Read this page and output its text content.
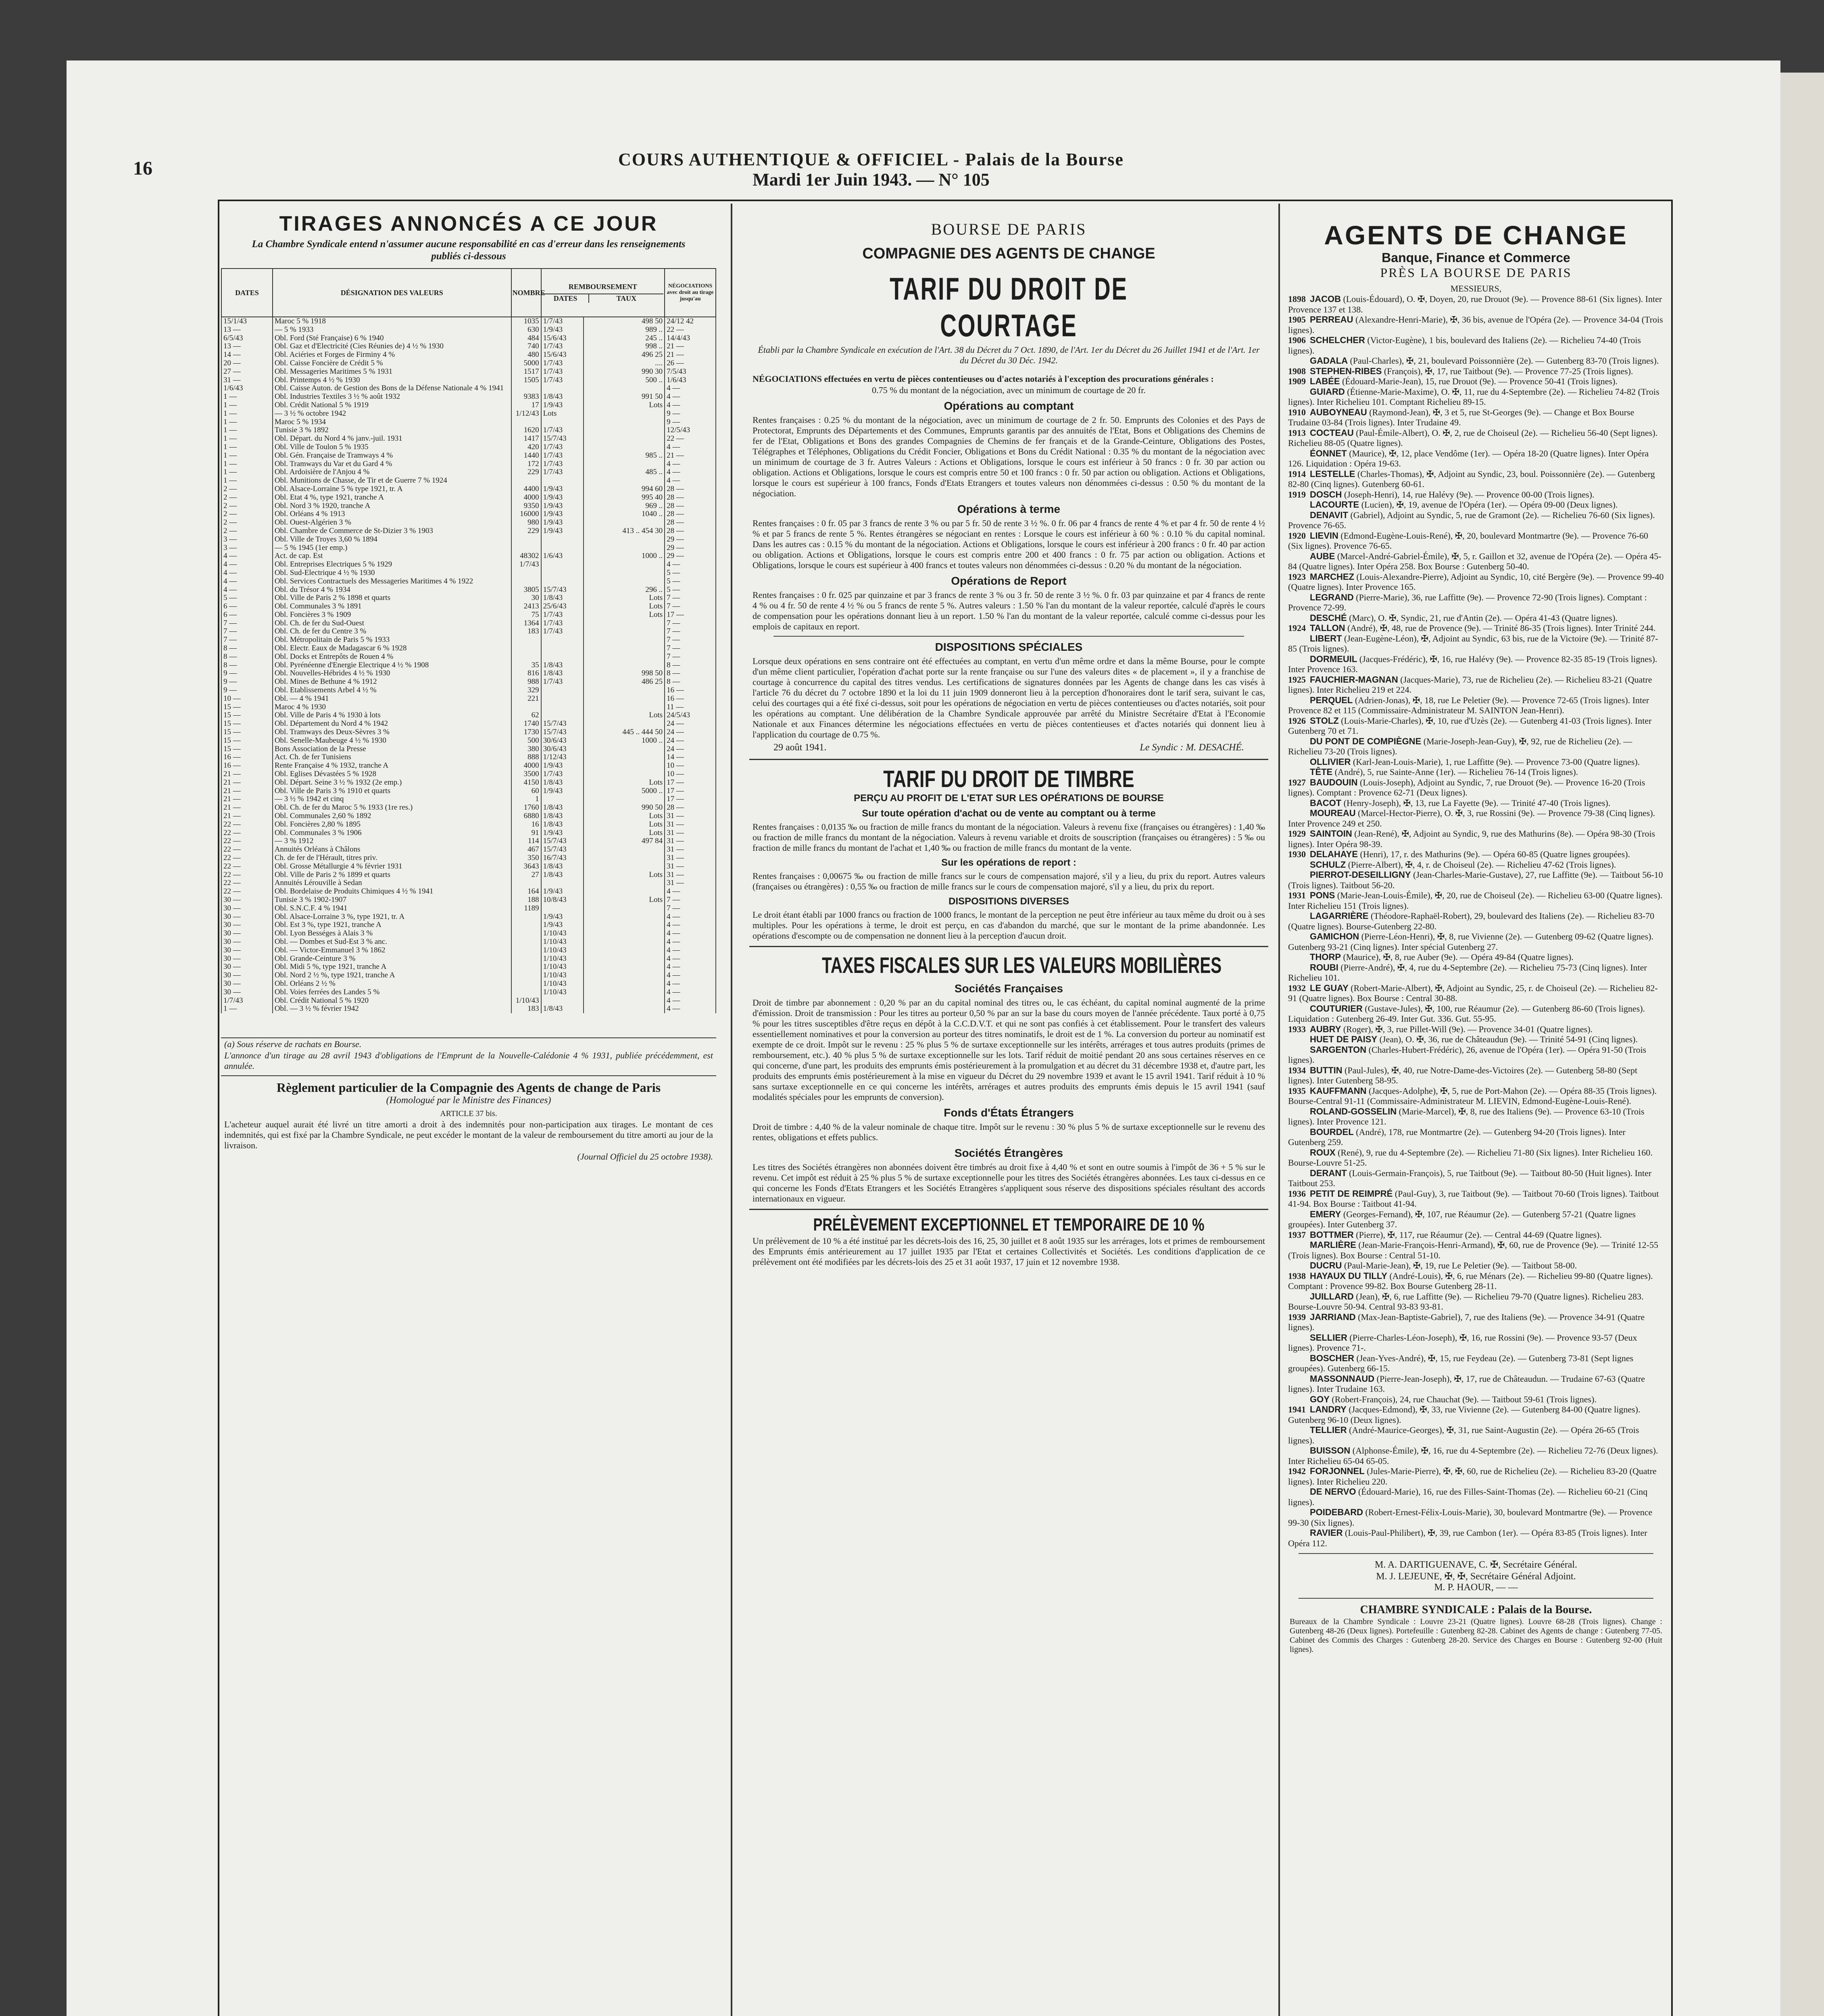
16	COURS AUTHENTIQUE & OFFICIEL - Palais de la Bourse
Mardi 1er Juin 1943. — N° 105
TIRAGES ANNONCÉS A CE JOUR
La Chambre Syndicale entend n'assumer aucune responsabilité en cas d'erreur dans les renseignements publiés ci-dessous
DATES	DÉSIGNATION DES VALEURS	NOMBRE	REMBOURSEMENT
DATES TAUX		NÉGOCIATIONS avec droit au tirage jusqu'au
15/1/43	Maroc 5 % 1918	1035	1/7/43	498 50	24/12 42
13 —	— 5 % 1933	630	1/9/43	989 ..	22 —
6/5/43	Obl. Ford (Sté Française) 6 % 1940	484	15/6/43	245 ..	14/4/43
13 —	Obl. Gaz et d'Electricité (Cies Réunies de) 4 ½ % 1930	740	1/7/43	998 ..	21 —
14 —	Obl. Aciéries et Forges de Firminy 4 %	480	15/6/43	496 25	21 —
20 —	Obl. Caisse Foncière de Crédit 5 %	5000	1/7/43	....	26 —
27 —	Obl. Messageries Maritimes 5 % 1931	1517	1/7/43	990 30	7/5/43
31 —	Obl. Printemps 4 ½ % 1930	1505	1/7/43	500 ..	1/6/43
1/6/43	Obl. Caisse Auton. de Gestion des Bons de la Défense Nationale 4 % 1941				4 —
1 —	Obl. Industries Textiles 3 ½ % août 1932	9383	1/8/43	991 50	4 —
1 —	Obl. Crédit National 5 % 1919	17	1/9/43	Lots	4 —
1 —	— 3 ½ % octobre 1942	1/12/43	Lots		9 —
1 —	Maroc 5 % 1934				9 —
1 —	Tunisie 3 % 1892	1620	1/7/43		12/5/43
1 —	Obl. Départ. du Nord 4 % janv.-juil. 1931	1417	15/7/43		22 —
1 —	Obl. Ville de Toulon 5 % 1935	420	1/7/43		4 —
1 —	Obl. Gén. Française de Tramways 4 %	1440	1/7/43	985 ..	21 —
1 —	Obl. Tramways du Var et du Gard 4 %	172	1/7/43		4 —
1 —	Obl. Ardoisière de l'Anjou 4 %	229	1/7/43	485 ..	4 —
1 —	Obl. Munitions de Chasse, de Tir et de Guerre 7 % 1924				4 —
2 —	Obl. Alsace-Lorraine 5 % type 1921, tr. A	4400	1/9/43	994 60	28 —
2 —	Obl. Etat 4 %, type 1921, tranche A	4000	1/9/43	995 40	28 —
2 —	Obl. Nord 3 % 1920, tranche A	9350	1/9/43	969 ..	28 —
2 —	Obl. Orléans 4 % 1913	16000	1/9/43	1040 ..	28 —
2 —	Obl. Ouest-Algérien 3 %	980	1/9/43		28 —
2 —	Obl. Chambre de Commerce de St-Dizier 3 % 1903	229	1/9/43	413 .. 454 30	28 —
3 —	Obl. Ville de Troyes 3,60 % 1894				29 —
3 —	— 5 % 1945 (1er emp.)				29 —
4 —	Act. de cap. Est	48302	1/6/43	1000 ..	29 —
4 —	Obl. Entreprises Electriques 5 % 1929	1/7/43			4 —
4 —	Obl. Sud-Electrique 4 ½ % 1930				5 —
4 —	Obl. Services Contractuels des Messageries Maritimes 4 % 1922				5 —
4 —	Obl. du Trésor 4 % 1934	3805	15/7/43	296 ..	5 —
5 —	Obl. Ville de Paris 2 % 1898 et quarts	30	1/8/43	Lots	7 —
6 —	Obl. Communales 3 % 1891	2413	25/6/43	Lots	7 —
6 —	Obl. Foncières 3 % 1909	75	1/7/43	Lots	17 —
7 —	Obl. Ch. de fer du Sud-Ouest	1364	1/7/43		7 —
7 —	Obl. Ch. de fer du Centre 3 %	183	1/7/43		7 —
7 —	Obl. Métropolitain de Paris 5 % 1933				7 —
8 —	Obl. Electr. Eaux de Madagascar 6 % 1928				7 —
8 —	Obl. Docks et Entrepôts de Rouen 4 %				7 —
8 —	Obl. Pyrénéenne d'Energie Electrique 4 ½ % 1908	35	1/8/43		8 —
9 —	Obl. Nouvelles-Hébrides 4 ½ % 1930	816	1/8/43	998 50	8 —
9 —	Obl. Mines de Bethune 4 % 1912	988	1/7/43	486 25	8 —
9 —	Obl. Etablissements Arbel 4 ½ %	329			16 —
10 —	Obl. — 4 % 1941	221			16 —
15 —	Maroc 4 % 1930				11 —
15 —	Obl. Ville de Paris 4 % 1930 à lots	62		Lots	24/5/43
15 —	Obl. Département du Nord 4 % 1942	1740	15/7/43		24 —
15 —	Obl. Tramways des Deux-Sèvres 3 %	1730	15/7/43	445 .. 444 50	24 —
15 —	Obl. Senelle-Maubeuge 4 ½ % 1930	500	30/6/43	1000 ..	24 —
15 —	Bons Association de la Presse	380	30/6/43		24 —
16 —	Act. Ch. de fer Tunisiens	888	1/12/43		14 —
16 —	Rente Française 4 % 1932, tranche A	4000	1/9/43		10 —
21 —	Obl. Eglises Dévastées 5 % 1928	3500	1/7/43		10 —
21 —	Obl. Départ. Seine 3 ½ % 1932 (2e emp.)	4150	1/8/43	Lots	17 —
21 —	Obl. Ville de Paris 3 % 1910 et quarts	60	1/9/43	5000 ..	17 —
21 —	— 3 ½ % 1942 et cinq	1			17 —
21 —	Obl. Ch. de fer du Maroc 5 % 1933 (1re res.)	1760	1/8/43	990 50	28 —
21 —	Obl. Communales 2,60 % 1892	6880	1/8/43	Lots	31 —
22 —	Obl. Foncières 2,80 % 1895	16	1/8/43	Lots	31 —
22 —	Obl. Communales 3 % 1906	91	1/9/43	Lots	31 —
22 —	— 3 % 1912	114	15/7/43	497 84	31 —
22 —	Annuités Orléans à Châlons	467	15/7/43		31 —
22 —	Ch. de fer de l'Hérault, titres priv.	350	16/7/43		31 —
22 —	Obl. Grosse Métallurgie 4 % février 1931	3643	1/8/43		31 —
22 —	Obl. Ville de Paris 2 % 1899 et quarts	27	1/8/43	Lots	31 —
22 —	Annuités Lérouville à Sedan				31 —
22 —	Obl. Bordelaise de Produits Chimiques 4 ½ % 1941	164	1/9/43		4 —
30 —	Tunisie 3 % 1902-1907	188	10/8/43	Lots	7 —
30 —	Obl. S.N.C.F. 4 % 1941	1189			7 —
30 —	Obl. Alsace-Lorraine 3 %, type 1921, tr. A		1/9/43		4 —
30 —	Obl. Est 3 %, type 1921, tranche A		1/9/43		4 —
30 —	Obl. Lyon Bességes à Alais 3 %		1/10/43		4 —
30 —	Obl. — Dombes et Sud-Est 3 % anc.		1/10/43		4 —
30 —	Obl. — Victor-Emmanuel 3 % 1862		1/10/43		4 —
30 —	Obl. Grande-Ceinture 3 %		1/10/43		4 —
30 —	Obl. Midi 5 %, type 1921, tranche A		1/10/43		4 —
30 —	Obl. Nord 2 ½ %, type 1921, tranche A		1/10/43		4 —
30 —	Obl. Orléans 2 ½ %		1/10/43		4 —
30 —	Obl. Voies ferrées des Landes 5 %		1/10/43		4 —
1/7/43	Obl. Crédit National 5 % 1920	1/10/43			4 —
1 —	Obl. — 3 ½ % février 1942	183	1/8/43		4 —
(a) Sous réserve de rachats en Bourse.
L'annonce d'un tirage au 28 avril 1943 d'obligations de l'Emprunt de la Nouvelle-Calédonie 4 % 1931, publiée précédemment, est annulée.
Règlement particulier de la Compagnie des Agents de change de Paris
(Homologué par le Ministre des Finances)
ARTICLE 37 bis.
L'acheteur auquel aurait été livré un titre amorti a droit à des indemnités pour non-participation aux tirages. Le montant de ces indemnités, qui est fixé par la Chambre Syndicale, ne peut excéder le montant de la valeur de remboursement du titre amorti au jour de la livraison.
(Journal Officiel du 25 octobre 1938).
BOURSE DE PARIS
COMPAGNIE DES AGENTS DE CHANGE
TARIF DU DROIT DE COURTAGE
Établi par la Chambre Syndicale en exécution de l'Art. 38 du Décret du 7 Oct. 1890, de l'Art. 1er du Décret du 26 Juillet 1941 et de l'Art. 1er du Décret du 30 Déc. 1942.
NÉGOCIATIONS effectuées en vertu de pièces contentieuses ou d'actes notariés à l'exception des procurations générales :
0.75 % du montant de la négociation, avec un minimum de courtage de 20 fr.
Opérations au comptant
Rentes françaises : 0.25 % du montant de la négociation, avec un minimum de courtage de 2 fr. 50. Emprunts des Colonies et des Pays de Protectorat, Emprunts des Départements et des Communes, Emprunts garantis par des annuités de l'Etat, Bons et Obligations des Chemins de fer de l'Etat, Obligations et Bons des grandes Compagnies de Chemins de fer français et de la Grande-Ceinture, Obligations des Postes, Télégraphes et Téléphones, Obligations du Crédit Foncier, Obligations et Bons du Crédit National : 0.35 % du montant de la négociation avec un minimum de courtage de 3 fr. Autres Valeurs : Actions et Obligations, lorsque le cours est inférieur à 50 francs : 0 fr. 30 par action ou obligation. Actions et Obligations, lorsque le cours est compris entre 50 et 100 francs : 0 fr. 50 par action ou obligation. Actions et Obligations, lorsque le cours est supérieur à 100 francs, Fonds d'Etats Etrangers et toutes valeurs non dénommées ci-dessus : 0.50 % du montant de la négociation.
Opérations à terme
Rentes françaises : 0 fr. 05 par 3 francs de rente 3 % ou par 5 fr. 50 de rente 3 ½ %. 0 fr. 06 par 4 francs de rente 4 % et par 4 fr. 50 de rente 4 ½ % et par 5 francs de rente 5 %. Rentes étrangères se négociant en rentes : Lorsque le cours est inférieur à 60 % : 0.10 % du capital nominal. Dans les autres cas : 0.15 % du montant de la négociation. Actions et Obligations, lorsque le cours est inférieur à 200 francs : 0 fr. 40 par action ou obligation. Actions et Obligations, lorsque le cours est compris entre 200 et 400 francs : 0 fr. 75 par action ou obligation. Actions et Obligations, lorsque le cours est supérieur à 400 francs et toutes valeurs non dénommées ci-dessus : 0.20 % du montant de la négociation.
Opérations de Report
Rentes françaises : 0 fr. 025 par quinzaine et par 3 francs de rente 3 % ou 3 fr. 50 de rente 3 ½ %. 0 fr. 03 par quinzaine et par 4 francs de rente 4 % ou 4 fr. 50 de rente 4 ½ % ou 5 francs de rente 5 %. Autres valeurs : 1.50 % l'an du montant de la valeur reportée, calculé d'après le cours de compensation pour les opérations donnant lieu à un report. 1.50 % l'an du montant de la valeur reportée, calculé comme ci-dessus pour les emplois de capitaux en report.
DISPOSITIONS SPÉCIALES
Lorsque deux opérations en sens contraire ont été effectuées au comptant, en vertu d'un même ordre et dans la même Bourse, pour le compte d'un même client particulier, l'opération d'achat porte sur la rente française ou sur l'une des valeurs dites « de placement », il y a franchise de courtage à concurrence du capital des titres vendus. Les certifications de signatures données par les Agents de change dans les cas visés à l'article 76 du décret du 7 octobre 1890 et la loi du 11 juin 1909 donneront lieu à la perception d'honoraires dont le tarif sera, suivant le cas, celui des courtages qui a été fixé ci-dessus, soit pour les opérations de négociation en vertu de pièces contentieuses ou d'actes notariés, soit pour les opérations au comptant. Une délibération de la Chambre Syndicale approuvée par arrêté du Ministre Secrétaire d'Etat à l'Economie Nationale et aux Finances détermine les négociations effectuées en vertu de pièces contentieuses et d'actes notariés qui donnent lieu à l'application du courtage de 0.75 %.
29 août 1941.	Le Syndic : M. DESACHÉ.
TARIF DU DROIT DE TIMBRE
PERÇU AU PROFIT DE L'ETAT SUR LES OPÉRATIONS DE BOURSE
Sur toute opération d'achat ou de vente au comptant ou à terme
Rentes françaises : 0,0135 ‰ ou fraction de mille francs du montant de la négociation. Valeurs à revenu fixe (françaises ou étrangères) : 1,40 ‰ ou fraction de mille francs du montant de la négociation. Valeurs à revenu variable et droits de souscription (françaises ou étrangères) : 5 ‰ ou fraction de mille francs du montant de l'achat et 1,40 ‰ ou fraction de mille francs du montant de la vente.
Sur les opérations de report :
Rentes françaises : 0,00675 ‰ ou fraction de mille francs sur le cours de compensation majoré, s'il y a lieu, du prix du report. Autres valeurs (françaises ou étrangères) : 0,55 ‰ ou fraction de mille francs sur le cours de compensation majoré, s'il y a lieu, du prix du report.
DISPOSITIONS DIVERSES
Le droit étant établi par 1000 francs ou fraction de 1000 francs, le montant de la perception ne peut être inférieur au taux même du droit ou à ses multiples. Pour les opérations à terme, le droit est perçu, en cas d'abandon du marché, que sur le montant de la prime abandonnée. Les opérations d'escompte ou de compensation ne donnent lieu à la perception d'aucun droit.
TAXES FISCALES SUR LES VALEURS MOBILIÈRES
Sociétés Françaises
Droit de timbre par abonnement : 0,20 % par an du capital nominal des titres ou, le cas échéant, du capital nominal augmenté de la prime d'émission. Droit de transmission : Pour les titres au porteur 0,50 % par an sur la base du cours moyen de l'année précédente. Taux porté à 0,75 % pour les titres susceptibles d'être reçus en dépôt à la C.C.D.V.T. et qui ne sont pas confiés à cet établissement. Pour le transfert des valeurs essentiellement nominatives et pour la conversion au porteur des titres nominatifs, le droit est de 1 %. La conversion du porteur au nominatif est exempte de ce droit. Impôt sur le revenu : 25 % plus 5 % de surtaxe exceptionnelle sur les intérêts, arrérages et tous autres produits (primes de remboursement, etc.). 40 % plus 5 % de surtaxe exceptionnelle sur les lots. Tarif réduit de moitié pendant 20 ans sous certaines réserves en ce qui concerne, d'une part, les produits des emprunts émis postérieurement à la promulgation et au décret du 31 décembre 1938 et, d'autre part, les produits des emprunts émis postérieurement à la mise en vigueur du Décret du 29 novembre 1939 et avant le 15 avril 1941. Tarif réduit à 10 % sans surtaxe exceptionnelle en ce qui concerne les intérêts, arrérages et autres produits des emprunts émis depuis le 15 avril 1941 (sauf modalités spéciales pour les emprunts de conversion).
Fonds d'États Étrangers
Droit de timbre : 4,40 % de la valeur nominale de chaque titre. Impôt sur le revenu : 30 % plus 5 % de surtaxe exceptionnelle sur le revenu des rentes, obligations et effets publics.
Sociétés Étrangères
Les titres des Sociétés étrangères non abonnées doivent être timbrés au droit fixe à 4,40 % et sont en outre soumis à l'impôt de 36 + 5 % sur le revenu. Cet impôt est réduit à 25 % plus 5 % de surtaxe exceptionnelle pour les titres des Sociétés étrangères abonnées. Les taux ci-dessus en ce qui concerne les Fonds d'Etats Etrangers et les Sociétés Etrangères s'appliquent sous réserve des dispositions spéciales résultant des accords internationaux en vigueur.
PRÉLÈVEMENT EXCEPTIONNEL ET TEMPORAIRE DE 10 %
Un prélèvement de 10 % a été institué par les décrets-lois des 16, 25, 30 juillet et 8 août 1935 sur les arrérages, lots et primes de remboursement des Emprunts émis antérieurement au 17 juillet 1935 par l'Etat et certaines Collectivités et Sociétés. Les conditions d'application de ce prélèvement ont été modifiées par les décrets-lois des 25 et 31 août 1937, 17 juin et 12 novembre 1938.
AGENTS DE CHANGE
Banque, Finance et Commerce
PRÈS LA BOURSE DE PARIS
MESSIEURS,
1898 JACOB (Louis-Édouard), O. ✠, Doyen, 20, rue Drouot (9e). — Provence 88-61 (Six lignes). Inter Provence 137 et 138.
1905 PERREAU (Alexandre-Henri-Marie), ✠, 36 bis, avenue de l'Opéra (2e). — Provence 34-04 (Trois lignes).
1906 SCHELCHER (Victor-Eugène), 1 bis, boulevard des Italiens (2e). — Richelieu 74-40 (Trois lignes).
GADALA (Paul-Charles), ✠, 21, boulevard Poissonnière (2e). — Gutenberg 83-70 (Trois lignes).
1908 STEPHEN-RIBES (François), ✠, 17, rue Taitbout (9e). — Provence 77-25 (Trois lignes).
1909 LABÉE (Édouard-Marie-Jean), 15, rue Drouot (9e). — Provence 50-41 (Trois lignes).
GUIARD (Étienne-Marie-Maxime), O. ✠, 11, rue du 4-Septembre (2e). — Richelieu 74-82 (Trois lignes). Inter Richelieu 101. Comptant Richelieu 89-15.
1910 AUBOYNEAU (Raymond-Jean), ✠, 3 et 5, rue St-Georges (9e). — Change et Box Bourse Trudaine 03-84 (Trois lignes). Inter Trudaine 49.
1913 COCTEAU (Paul-Émile-Albert), O. ✠, 2, rue de Choiseul (2e). — Richelieu 56-40 (Sept lignes). Richelieu 88-05 (Quatre lignes).
ÉONNET (Maurice), ✠, 12, place Vendôme (1er). — Opéra 18-20 (Quatre lignes). Inter Opéra 126. Liquidation : Opéra 19-63.
1914 LESTELLE (Charles-Thomas), ✠, Adjoint au Syndic, 23, boul. Poissonnière (2e). — Gutenberg 82-80 (Cinq lignes). Gutenberg 60-61.
1919 DOSCH (Joseph-Henri), 14, rue Halévy (9e). — Provence 00-00 (Trois lignes).
LACOURTE (Lucien), ✠, 19, avenue de l'Opéra (1er). — Opéra 09-00 (Deux lignes).
DENAVIT (Gabriel), Adjoint au Syndic, 5, rue de Gramont (2e). — Richelieu 76-60 (Six lignes). Provence 76-65.
1920 LIEVIN (Edmond-Eugène-Louis-René), ✠, 20, boulevard Montmartre (9e). — Provence 76-60 (Six lignes). Provence 76-65.
AUBE (Marcel-André-Gabriel-Émile), ✠, 5, r. Gaillon et 32, avenue de l'Opéra (2e). — Opéra 45-84 (Quatre lignes). Inter Opéra 258. Box Bourse : Gutenberg 50-40.
1923 MARCHEZ (Louis-Alexandre-Pierre), Adjoint au Syndic, 10, cité Bergère (9e). — Provence 99-40 (Quatre lignes). Inter Provence 165.
LEGRAND (Pierre-Marie), 36, rue Laffitte (9e). — Provence 72-90 (Trois lignes). Comptant : Provence 72-99.
DESCHÉ (Marc), O. ✠, Syndic, 21, rue d'Antin (2e). — Opéra 41-43 (Quatre lignes).
1924 TALLON (André), ✠, 48, rue de Provence (9e). — Trinité 86-35 (Trois lignes). Inter Trinité 244.
LIBERT (Jean-Eugène-Léon), ✠, Adjoint au Syndic, 63 bis, rue de la Victoire (9e). — Trinité 87-85 (Trois lignes).
DORMEUIL (Jacques-Frédéric), ✠, 16, rue Halévy (9e). — Provence 82-35 85-19 (Trois lignes). Inter Provence 163.
1925 FAUCHIER-MAGNAN (Jacques-Marie), 73, rue de Richelieu (2e). — Richelieu 83-21 (Quatre lignes). Inter Richelieu 219 et 224.
PERQUEL (Adrien-Jonas), ✠, 18, rue Le Peletier (9e). — Provence 72-65 (Trois lignes). Inter Provence 82 et 115 (Commissaire-Administrateur M. SAINTON Jean-Henri).
1926 STOLZ (Louis-Marie-Charles), ✠, 10, rue d'Uzès (2e). — Gutenberg 41-03 (Trois lignes). Inter Gutenberg 70 et 71.
DU PONT DE COMPIÈGNE (Marie-Joseph-Jean-Guy), ✠, 92, rue de Richelieu (2e). — Richelieu 73-20 (Trois lignes).
OLLIVIER (Karl-Jean-Louis-Marie), 1, rue Laffitte (9e). — Provence 73-00 (Quatre lignes).
TÊTE (André), 5, rue Sainte-Anne (1er). — Richelieu 76-14 (Trois lignes).
1927 BAUDOUIN (Louis-Joseph), Adjoint au Syndic, 7, rue Drouot (9e). — Provence 16-20 (Trois lignes). Comptant : Provence 62-71 (Deux lignes).
BACOT (Henry-Joseph), ✠, 13, rue La Fayette (9e). — Trinité 47-40 (Trois lignes).
MOUREAU (Marcel-Hector-Pierre), O. ✠, 3, rue Rossini (9e). — Provence 79-38 (Cinq lignes). Inter Provence 249 et 250.
1929 SAINTOIN (Jean-René), ✠, Adjoint au Syndic, 9, rue des Mathurins (8e). — Opéra 98-30 (Trois lignes). Inter Opéra 98-39.
1930 DELAHAYE (Henri), 17, r. des Mathurins (9e). — Opéra 60-85 (Quatre lignes groupées).
SCHULZ (Pierre-Albert), ✠, 4, r. de Choiseul (2e). — Richelieu 47-62 (Trois lignes).
PIERROT-DESEILLIGNY (Jean-Charles-Marie-Gustave), 27, rue Laffitte (9e). — Taitbout 56-10 (Trois lignes). Taitbout 56-20.
1931 PONS (Marie-Jean-Louis-Émile), ✠, 20, rue de Choiseul (2e). — Richelieu 63-00 (Quatre lignes). Inter Richelieu 151 (Trois lignes).
LAGARRIÈRE (Théodore-Raphaël-Robert), 29, boulevard des Italiens (2e). — Richelieu 83-70 (Quatre lignes). Bourse-Gutenberg 22-80.
GAMICHON (Pierre-Léon-Henri), ✠, 8, rue Vivienne (2e). — Gutenberg 09-62 (Quatre lignes). Gutenberg 93-21 (Cinq lignes). Inter spécial Gutenberg 27.
THORP (Maurice), ✠, 8, rue Auber (9e). — Opéra 49-84 (Quatre lignes).
ROUBI (Pierre-André), ✠, 4, rue du 4-Septembre (2e). — Richelieu 75-73 (Cinq lignes). Inter Richelieu 101.
1932 LE GUAY (Robert-Marie-Albert), ✠, Adjoint au Syndic, 25, r. de Choiseul (2e). — Richelieu 82-91 (Quatre lignes). Box Bourse : Central 30-88.
COUTURIER (Gustave-Jules), ✠, 100, rue Réaumur (2e). — Gutenberg 86-60 (Trois lignes). Liquidation : Gutenberg 26-49. Inter Gut. 336. Gut. 55-95.
1933 AUBRY (Roger), ✠, 3, rue Pillet-Will (9e). — Provence 34-01 (Quatre lignes).
HUET DE PAISY (Jean), O. ✠, 36, rue de Châteaudun (9e). — Trinité 54-91 (Cinq lignes).
SARGENTON (Charles-Hubert-Frédéric), 26, avenue de l'Opéra (1er). — Opéra 91-50 (Trois lignes).
1934 BUTTIN (Paul-Jules), ✠, 40, rue Notre-Dame-des-Victoires (2e). — Gutenberg 58-80 (Sept lignes). Inter Gutenberg 58-95.
1935 KAUFFMANN (Jacques-Adolphe), ✠, 5, rue de Port-Mahon (2e). — Opéra 88-35 (Trois lignes). Bourse-Central 91-11 (Commissaire-Administrateur M. LIEVIN, Edmond-Eugène-Louis-René).
ROLAND-GOSSELIN (Marie-Marcel), ✠, 8, rue des Italiens (9e). — Provence 63-10 (Trois lignes). Inter Provence 121.
BOURDEL (André), 178, rue Montmartre (2e). — Gutenberg 94-20 (Trois lignes). Inter Gutenberg 259.
ROUX (René), 9, rue du 4-Septembre (2e). — Richelieu 71-80 (Six lignes). Inter Richelieu 160. Bourse-Louvre 51-25.
DERANT (Louis-Germain-François), 5, rue Taitbout (9e). — Taitbout 80-50 (Huit lignes). Inter Taitbout 253.
1936 PETIT DE REIMPRÉ (Paul-Guy), 3, rue Taitbout (9e). — Taitbout 70-60 (Trois lignes). Taitbout 41-94. Box Bourse : Taitbout 41-94.
EMERY (Georges-Fernand), ✠, 107, rue Réaumur (2e). — Gutenberg 57-21 (Quatre lignes groupées). Inter Gutenberg 37.
1937 BOTTMER (Pierre), ✠, 117, rue Réaumur (2e). — Central 44-69 (Quatre lignes).
MARLIÈRE (Jean-Marie-François-Henri-Armand), ✠, 60, rue de Provence (9e). — Trinité 12-55 (Trois lignes). Box Bourse : Central 51-10.
DUCRU (Paul-Marie-Jean), ✠, 19, rue Le Peletier (9e). — Taitbout 58-00.
1938 HAYAUX DU TILLY (André-Louis), ✠, 6, rue Ménars (2e). — Richelieu 99-80 (Quatre lignes). Comptant : Provence 99-82. Box Bourse Gutenberg 28-11.
JUILLARD (Jean), ✠, 6, rue Laffitte (9e). — Richelieu 79-70 (Quatre lignes). Richelieu 283. Bourse-Louvre 50-94. Central 93-83 93-81.
1939 JARRIAND (Max-Jean-Baptiste-Gabriel), 7, rue des Italiens (9e). — Provence 34-91 (Quatre lignes).
SELLIER (Pierre-Charles-Léon-Joseph), ✠, 16, rue Rossini (9e). — Provence 93-57 (Deux lignes). Provence 71-.
BOSCHER (Jean-Yves-André), ✠, 15, rue Feydeau (2e). — Gutenberg 73-81 (Sept lignes groupées). Gutenberg 66-15.
MASSONNAUD (Pierre-Jean-Joseph), ✠, 17, rue de Châteaudun. — Trudaine 67-63 (Quatre lignes). Inter Trudaine 163.
GOY (Robert-François), 24, rue Chauchat (9e). — Taitbout 59-61 (Trois lignes).
1941 LANDRY (Jacques-Edmond), ✠, 33, rue Vivienne (2e). — Gutenberg 84-00 (Quatre lignes). Gutenberg 96-10 (Deux lignes).
TELLIER (André-Maurice-Georges), ✠, 31, rue Saint-Augustin (2e). — Opéra 26-65 (Trois lignes).
BUISSON (Alphonse-Émile), ✠, 16, rue du 4-Septembre (2e). — Richelieu 72-76 (Deux lignes). Inter Richelieu 65-04 65-05.
1942 FORJONNEL (Jules-Marie-Pierre), ✠, ✠, 60, rue de Richelieu (2e). — Richelieu 83-20 (Quatre lignes). Inter Richelieu 220.
DE NERVO (Édouard-Marie), 16, rue des Filles-Saint-Thomas (2e). — Richelieu 60-21 (Cinq lignes).
POIDEBARD (Robert-Ernest-Félix-Louis-Marie), 30, boulevard Montmartre (9e). — Provence 99-30 (Six lignes).
RAVIER (Louis-Paul-Philibert), ✠, 39, rue Cambon (1er). — Opéra 83-85 (Trois lignes). Inter Opéra 112.
M. A. DARTIGUENAVE, C. ✠, Secrétaire Général.
M. J. LEJEUNE, ✠, ✠, Secrétaire Général Adjoint.
M. P. HAOUR, — —
CHAMBRE SYNDICALE : Palais de la Bourse.
Bureaux de la Chambre Syndicale : Louvre 23-21 (Quatre lignes). Louvre 68-28 (Trois lignes). Change : Gutenberg 48-26 (Deux lignes). Portefeuille : Gutenberg 82-28. Cabinet des Agents de change : Gutenberg 77-05. Cabinet des Commis des Charges : Gutenberg 28-20. Service des Charges en Bourse : Gutenberg 92-00 (Huit lignes).
